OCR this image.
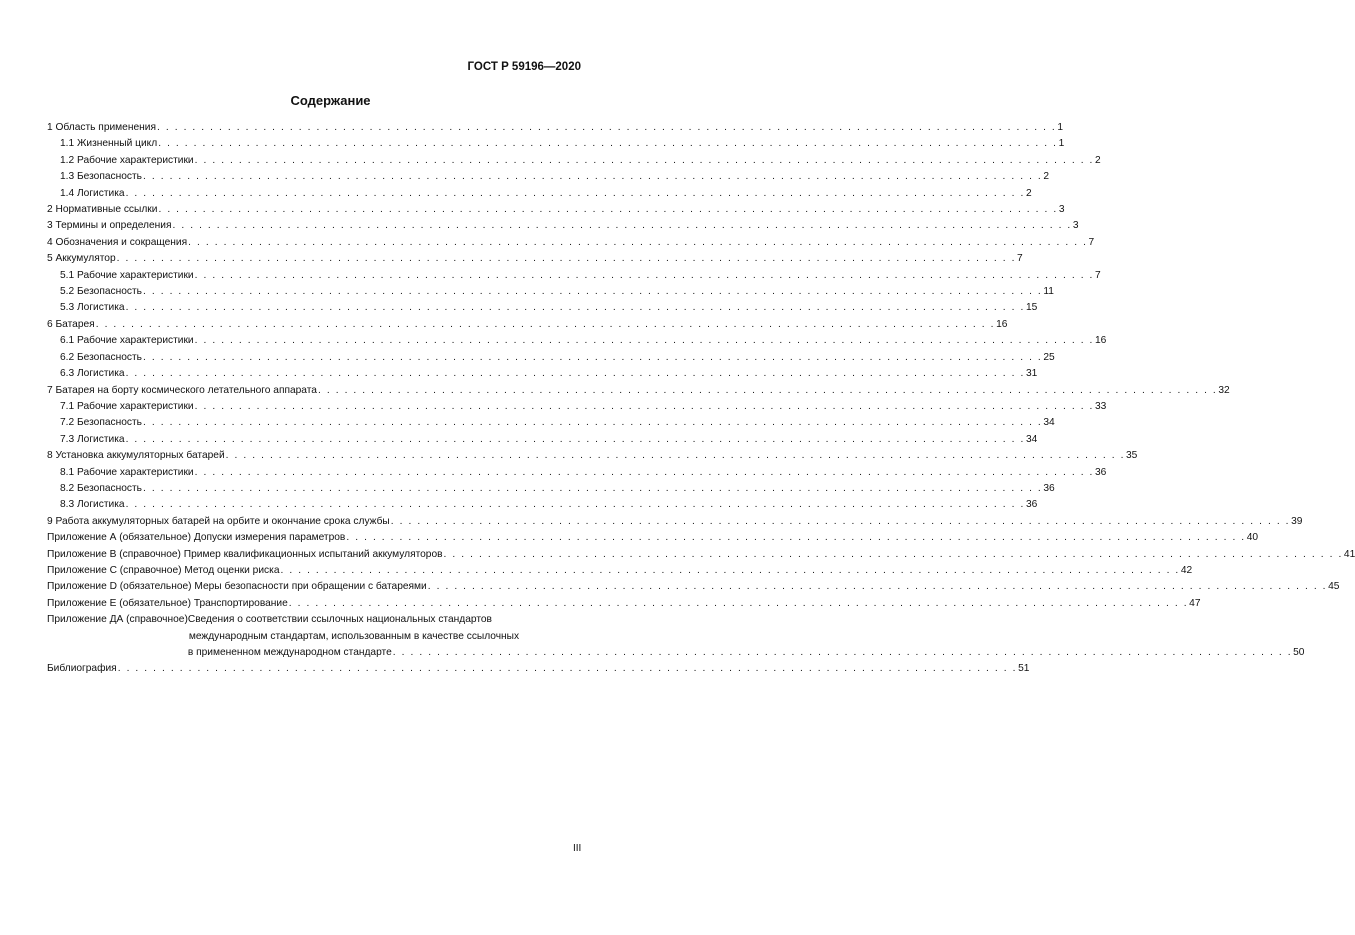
ГОСТ Р 59196—2020
Содержание
1 Область применения . . . . . . . . . . . . . . . . . . . . . . . . . . . . . . . . . . . . . . . . . . . . . . . . . . . . . . . . . . . . . . . . . . . . . . . . . . . . . . . . . . . . . . . . . . . . . . . . . . . . . . 1
1.1 Жизненный цикл . . . . . . . . . . . . . . . . . . . . . . . . . . . . . . . . . . . . . . . . . . . . . . . . . . . . . . . . . . . . . . . . . . . . . . . . . . . . . . . . . . . . . . . . . . . . . . . . . . . . . . 1
1.2 Рабочие характеристики . . . . . . . . . . . . . . . . . . . . . . . . . . . . . . . . . . . . . . . . . . . . . . . . . . . . . . . . . . . . . . . . . . . . . . . . . . . . . . . . . . . . . . . . . . . . . . . . . . . . . . 2
1.3 Безопасность . . . . . . . . . . . . . . . . . . . . . . . . . . . . . . . . . . . . . . . . . . . . . . . . . . . . . . . . . . . . . . . . . . . . . . . . . . . . . . . . . . . . . . . . . . . . . . . . . . . . . . 2
1.4 Логистика . . . . . . . . . . . . . . . . . . . . . . . . . . . . . . . . . . . . . . . . . . . . . . . . . . . . . . . . . . . . . . . . . . . . . . . . . . . . . . . . . . . . . . . . . . . . . . . . . . . . . . 2
2 Нормативные ссылки . . . . . . . . . . . . . . . . . . . . . . . . . . . . . . . . . . . . . . . . . . . . . . . . . . . . . . . . . . . . . . . . . . . . . . . . . . . . . . . . . . . . . . . . . . . . . . . . . . . . . . 3
3 Термины и определения . . . . . . . . . . . . . . . . . . . . . . . . . . . . . . . . . . . . . . . . . . . . . . . . . . . . . . . . . . . . . . . . . . . . . . . . . . . . . . . . . . . . . . . . . . . . . . . . . . . . . . 3
4 Обозначения и сокращения . . . . . . . . . . . . . . . . . . . . . . . . . . . . . . . . . . . . . . . . . . . . . . . . . . . . . . . . . . . . . . . . . . . . . . . . . . . . . . . . . . . . . . . . . . . . . . . . . . . . . . 7
5 Аккумулятор . . . . . . . . . . . . . . . . . . . . . . . . . . . . . . . . . . . . . . . . . . . . . . . . . . . . . . . . . . . . . . . . . . . . . . . . . . . . . . . . . . . . . . . . . . . . . . . . . . . . . . 7
5.1 Рабочие характеристики . . . . . . . . . . . . . . . . . . . . . . . . . . . . . . . . . . . . . . . . . . . . . . . . . . . . . . . . . . . . . . . . . . . . . . . . . . . . . . . . . . . . . . . . . . . . . . . . . . . . . . 7
5.2 Безопасность . . . . . . . . . . . . . . . . . . . . . . . . . . . . . . . . . . . . . . . . . . . . . . . . . . . . . . . . . . . . . . . . . . . . . . . . . . . . . . . . . . . . . . . . . . . . . . . . . . . . . . 11
5.3 Логистика . . . . . . . . . . . . . . . . . . . . . . . . . . . . . . . . . . . . . . . . . . . . . . . . . . . . . . . . . . . . . . . . . . . . . . . . . . . . . . . . . . . . . . . . . . . . . . . . . . . . . . 15
6 Батарея . . . . . . . . . . . . . . . . . . . . . . . . . . . . . . . . . . . . . . . . . . . . . . . . . . . . . . . . . . . . . . . . . . . . . . . . . . . . . . . . . . . . . . . . . . . . . . . . . . . . . . 16
6.1 Рабочие характеристики . . . . . . . . . . . . . . . . . . . . . . . . . . . . . . . . . . . . . . . . . . . . . . . . . . . . . . . . . . . . . . . . . . . . . . . . . . . . . . . . . . . . . . . . . . . . . . . . . . . . . . 16
6.2 Безопасность . . . . . . . . . . . . . . . . . . . . . . . . . . . . . . . . . . . . . . . . . . . . . . . . . . . . . . . . . . . . . . . . . . . . . . . . . . . . . . . . . . . . . . . . . . . . . . . . . . . . . . 25
6.3 Логистика . . . . . . . . . . . . . . . . . . . . . . . . . . . . . . . . . . . . . . . . . . . . . . . . . . . . . . . . . . . . . . . . . . . . . . . . . . . . . . . . . . . . . . . . . . . . . . . . . . . . . . 31
7 Батарея на борту космического летательного аппарата . . . . . . . . . . . . . . . . . . . . . . . . . . . . . . . . . . . . . . . . . . . . . . . . . . . . . . . . . . . . . . . . . . . . . . . . . . . . . . . . . . . . . . . . . . . . . . . . . . . . . . 32
7.1 Рабочие характеристики . . . . . . . . . . . . . . . . . . . . . . . . . . . . . . . . . . . . . . . . . . . . . . . . . . . . . . . . . . . . . . . . . . . . . . . . . . . . . . . . . . . . . . . . . . . . . . . . . . . . . . 33
7.2 Безопасность . . . . . . . . . . . . . . . . . . . . . . . . . . . . . . . . . . . . . . . . . . . . . . . . . . . . . . . . . . . . . . . . . . . . . . . . . . . . . . . . . . . . . . . . . . . . . . . . . . . . . . 34
7.3 Логистика . . . . . . . . . . . . . . . . . . . . . . . . . . . . . . . . . . . . . . . . . . . . . . . . . . . . . . . . . . . . . . . . . . . . . . . . . . . . . . . . . . . . . . . . . . . . . . . . . . . . . . 34
8 Установка аккумуляторных батарей . . . . . . . . . . . . . . . . . . . . . . . . . . . . . . . . . . . . . . . . . . . . . . . . . . . . . . . . . . . . . . . . . . . . . . . . . . . . . . . . . . . . . . . . . . . . . . . . . . . . . . 35
8.1 Рабочие характеристики . . . . . . . . . . . . . . . . . . . . . . . . . . . . . . . . . . . . . . . . . . . . . . . . . . . . . . . . . . . . . . . . . . . . . . . . . . . . . . . . . . . . . . . . . . . . . . . . . . . . . . 36
8.2 Безопасность . . . . . . . . . . . . . . . . . . . . . . . . . . . . . . . . . . . . . . . . . . . . . . . . . . . . . . . . . . . . . . . . . . . . . . . . . . . . . . . . . . . . . . . . . . . . . . . . . . . . . . 36
8.3 Логистика . . . . . . . . . . . . . . . . . . . . . . . . . . . . . . . . . . . . . . . . . . . . . . . . . . . . . . . . . . . . . . . . . . . . . . . . . . . . . . . . . . . . . . . . . . . . . . . . . . . . . . 36
9 Работа аккумуляторных батарей на орбите и окончание срока службы . . . . . . . . . . . . . . . . . . . . . . . . . . . . . . . . . . . . . . . . . . . . . . . . . . . . . . . . . . . . . . . . . . . . . . . . . . . . . . . . . . . . . . . . . . . . . . . . . . . . . . 39
Приложение А (обязательное) Допуски измерения параметров . . . . . . . . . . . . . . . . . . . . . . . . . . . . . . . . . . . . . . . . . . . . . . . . . . . . . . . . . . . . . . . . . . . . . . . . . . . . . . . . . . . . . . . . . . . . . . . . . . . . . . 40
Приложение В (справочное) Пример квалификационных испытаний аккумуляторов . . . . . . . . . . . . . . . . . . . . . . . . . . . . . . . . . . . . . . . . . . . . . . . . . . . . . . . . . . . . . . . . . . . . . . . . . . . . . . . . . . . . . . . . . . . . . . . . . . . . . . 41
Приложение С (справочное) Метод оценки риска . . . . . . . . . . . . . . . . . . . . . . . . . . . . . . . . . . . . . . . . . . . . . . . . . . . . . . . . . . . . . . . . . . . . . . . . . . . . . . . . . . . . . . . . . . . . . . . . . . . . . . 42
Приложение D (обязательное) Меры безопасности при обращении с батареями . . . . . . . . . . . . . . . . . . . . . . . . . . . . . . . . . . . . . . . . . . . . . . . . . . . . . . . . . . . . . . . . . . . . . . . . . . . . . . . . . . . . . . . . . . . . . . . . . . . . . . 45
Приложение Е (обязательное) Транспортирование . . . . . . . . . . . . . . . . . . . . . . . . . . . . . . . . . . . . . . . . . . . . . . . . . . . . . . . . . . . . . . . . . . . . . . . . . . . . . . . . . . . . . . . . . . . . . . . . . . . . . . 47
Приложение ДА (справочное) Сведения о соответствии ссылочных национальных стандартов
международным стандартам, использованным в качестве ссылочных
в примененном международном стандарте . . . . . . . . . . . . . . . . . . . . . . . . . . . . . . . . . . . . . . . . . . . . . . . . . . . . . . . . . . . . . . . . . . . . . . . . . . . . . . . . . . . . . . . . . . . . . . . . . . . . . . 50
Библиография . . . . . . . . . . . . . . . . . . . . . . . . . . . . . . . . . . . . . . . . . . . . . . . . . . . . . . . . . . . . . . . . . . . . . . . . . . . . . . . . . . . . . . . . . . . . . . . . . . . . . . 51
III
